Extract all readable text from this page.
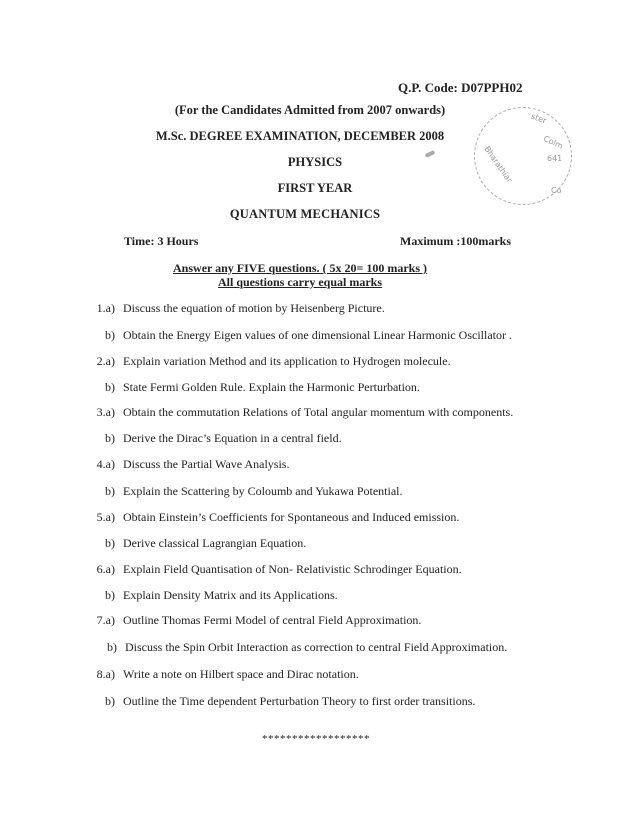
Q.P. Code: D07PPH02
(For the Candidates Admitted from 2007 onwards)
M.Sc. DEGREE EXAMINATION, DECEMBER 2008
PHYSICS
FIRST YEAR
QUANTUM MECHANICS
Time: 3 Hours	Maximum :100marks
Answer any FIVE questions. ( 5x 20= 100 marks )
All questions carry equal marks
1.a) Discuss the equation of motion by Heisenberg Picture.
b) Obtain the Energy Eigen values of one dimensional Linear Harmonic Oscillator .
2.a) Explain variation Method and its application to Hydrogen molecule.
b) State Fermi Golden Rule. Explain the Harmonic Perturbation.
3.a) Obtain the commutation Relations of Total angular momentum with components.
b) Derive the Dirac’s Equation in a central field.
4.a) Discuss the Partial Wave Analysis.
b) Explain the Scattering by Coloumb and Yukawa Potential.
5.a) Obtain Einstein’s Coefficients for Spontaneous and Induced emission.
b) Derive classical Lagrangian Equation.
6.a) Explain Field Quantisation of Non- Relativistic Schrodinger Equation.
b) Explain Density Matrix and its Applications.
7.a) Outline Thomas Fermi Model of central Field Approximation.
b) Discuss the Spin Orbit Interaction as correction to central Field Approximation.
8.a) Write a note on Hilbert space and Dirac notation.
b) Outline the Time dependent Perturbation Theory to first order transitions.
******************
ster
Colm
641
Bharathiar
Co
